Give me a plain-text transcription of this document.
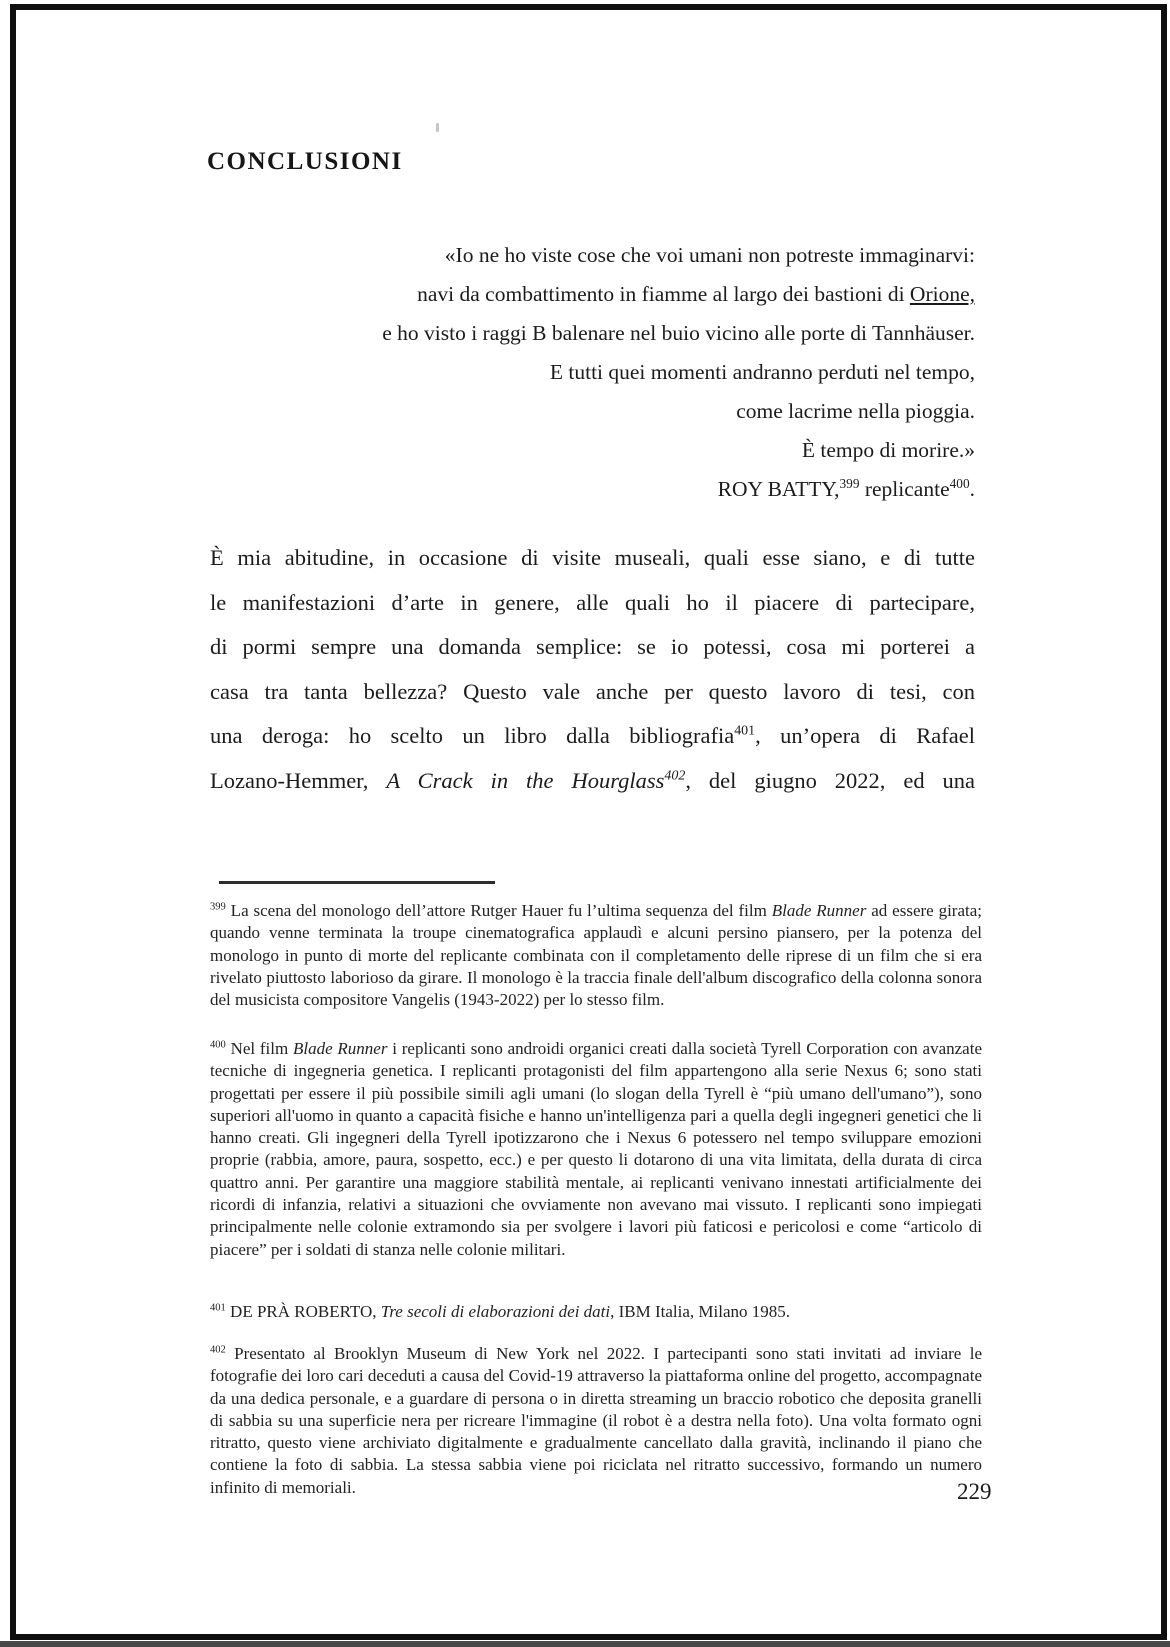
CONCLUSIONI
«Io ne ho viste cose che voi umani non potreste immaginarvi:
navi da combattimento in fiamme al largo dei bastioni di Orione,
e ho visto i raggi B balenare nel buio vicino alle porte di Tannhäuser.
E tutti quei momenti andranno perduti nel tempo,
come lacrime nella pioggia.
È tempo di morire.»
ROY BATTY,$^{399}$ replicante$^{400}$.
È mia abitudine, in occasione di visite museali, quali esse siano, e di tutte
le manifestazioni d’arte in genere, alle quali ho il piacere di partecipare,
di pormi sempre una domanda semplice: se io potessi, cosa mi porterei a
casa tra tanta bellezza? Questo vale anche per questo lavoro di tesi, con
una deroga: ho scelto un libro dalla bibliografia$^{401}$, un’opera di Rafael
Lozano-Hemmer, A Crack in the Hourglass$^{402}$, del giugno 2022, ed una

$^{399}$ La scena del monologo dell’attore Rutger Hauer fu l’ultima sequenza del film Blade Runner ad essere girata; quando venne terminata la troupe cinematografica applaudì e alcuni persino piansero, per la potenza del monologo in punto di morte del replicante combinata con il completamento delle riprese di un film che si era rivelato piuttosto laborioso da girare. Il monologo è la traccia finale dell'album discografico della colonna sonora del musicista compositore Vangelis (1943-2022) per lo stesso film.

$^{400}$ Nel film Blade Runner i replicanti sono androidi organici creati dalla società Tyrell Corporation con avanzate tecniche di ingegneria genetica. I replicanti protagonisti del film appartengono alla serie Nexus 6; sono stati progettati per essere il più possibile simili agli umani (lo slogan della Tyrell è “più umano dell'umano”), sono superiori all'uomo in quanto a capacità fisiche e hanno un'intelligenza pari a quella degli ingegneri genetici che li hanno creati. Gli ingegneri della Tyrell ipotizzarono che i Nexus 6 potessero nel tempo sviluppare emozioni proprie (rabbia, amore, paura, sospetto, ecc.) e per questo li dotarono di una vita limitata, della durata di circa quattro anni. Per garantire una maggiore stabilità mentale, ai replicanti venivano innestati artificialmente dei ricordi di infanzia, relativi a situazioni che ovviamente non avevano mai vissuto. I replicanti sono impiegati principalmente nelle colonie extramondo sia per svolgere i lavori più faticosi e pericolosi e come “articolo di piacere” per i soldati di stanza nelle colonie militari.

$^{401}$ DE PRÀ ROBERTO, Tre secoli di elaborazioni dei dati, IBM Italia, Milano 1985.

$^{402}$ Presentato al Brooklyn Museum di New York nel 2022. I partecipanti sono stati invitati ad inviare le fotografie dei loro cari deceduti a causa del Covid-19 attraverso la piattaforma online del progetto, accompagnate da una dedica personale, e a guardare di persona o in diretta streaming un braccio robotico che deposita granelli di sabbia su una superficie nera per ricreare l'immagine (il robot è a destra nella foto). Una volta formato ogni ritratto, questo viene archiviato digitalmente e gradualmente cancellato dalla gravità, inclinando il piano che contiene la foto di sabbia. La stessa sabbia viene poi riciclata nel ritratto successivo, formando un numero infinito di memoriali.	229
